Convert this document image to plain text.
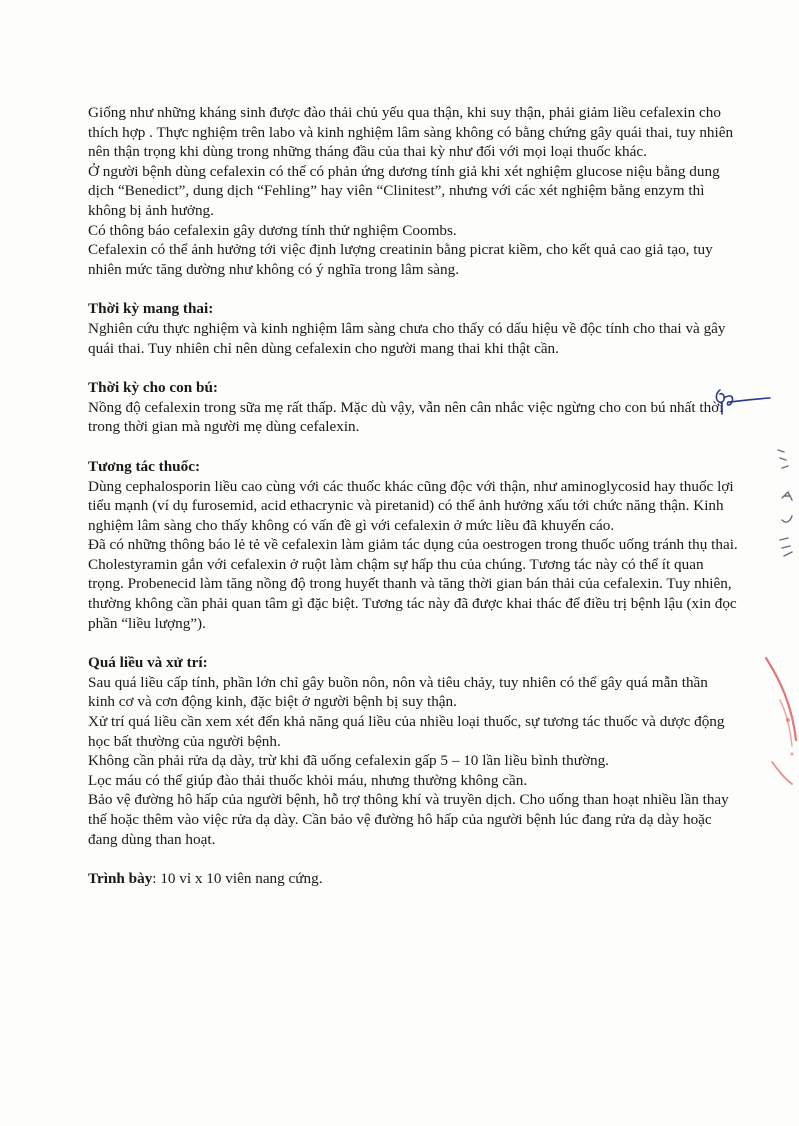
Giống như những kháng sinh được đào thải chủ yếu qua thận, khi suy thận, phải giảm liều cefalexin cho thích hợp . Thực nghiệm trên labo và kinh nghiệm lâm sàng không có bằng chứng gây quái thai, tuy nhiên nên thận trọng khi dùng trong những tháng đầu của thai kỳ như đối với mọi loại thuốc khác.

Ở người bệnh dùng cefalexin có thể có phản ứng dương tính giả khi xét nghiệm glucose niệu bằng dung dịch “Benedict”, dung dịch “Fehling” hay viên “Clinitest”, nhưng với các xét nghiệm bằng enzym thì không bị ảnh hưởng.

Có thông báo cefalexin gây dương tính thử nghiệm Coombs.

Cefalexin có thể ảnh hưởng tới việc định lượng creatinin bằng picrat kiềm, cho kết quả cao giả tạo, tuy nhiên mức tăng dường như không có ý nghĩa trong lâm sàng.

Thời kỳ mang thai:

Nghiên cứu thực nghiệm và kinh nghiệm lâm sàng chưa cho thấy có dấu hiệu về độc tính cho thai và gây quái thai. Tuy nhiên chỉ nên dùng cefalexin cho người mang thai khi thật cần.

Thời kỳ cho con bú:

Nồng độ cefalexin trong sữa mẹ rất thấp. Mặc dù vậy, vẫn nên cân nhắc việc ngừng cho con bú nhất thời trong thời gian mà người mẹ dùng cefalexin.

Tương tác thuốc:

Dùng cephalosporin liều cao cùng với các thuốc khác cũng độc với thận, như aminoglycosid hay thuốc lợi tiểu mạnh (ví dụ furosemid, acid ethacrynic và piretanid) có thể ảnh hưởng xấu tới chức năng thận. Kinh nghiệm lâm sàng cho thấy không có vấn đề gì với cefalexin ở mức liều đã khuyến cáo.

Đã có những thông báo lẻ tẻ về cefalexin làm giảm tác dụng của oestrogen trong thuốc uống tránh thụ thai.

Cholestyramin gắn với cefalexin ở ruột làm chậm sự hấp thu của chúng. Tương tác này có thể ít quan trọng. Probenecid làm tăng nồng độ trong huyết thanh và tăng thời gian bán thải của cefalexin. Tuy nhiên, thường không cần phải quan tâm gì đặc biệt. Tương tác này đã được khai thác để điều trị bệnh lậu (xin đọc phần “liều lượng”).

Quá liều và xử trí:

Sau quá liều cấp tính, phần lớn chỉ gây buồn nôn, nôn và tiêu chảy, tuy nhiên có thể gây quá mẫn thần kinh cơ và cơn động kinh, đặc biệt ở người bệnh bị suy thận.

Xử trí quá liều cần xem xét đến khả năng quá liều của nhiều loại thuốc, sự tương tác thuốc và dược động học bất thường của người bệnh.

Không cần phải rửa dạ dày, trừ khi đã uống cefalexin gấp 5 – 10 lần liều bình thường.

Lọc máu có thể giúp đào thải thuốc khỏi máu, nhưng thường không cần.

Bảo vệ đường hô hấp của người bệnh, hỗ trợ thông khí và truyền dịch. Cho uống than hoạt nhiều lần thay thế hoặc thêm vào việc rửa dạ dày. Cần bảo vệ đường hô hấp của người bệnh lúc đang rửa dạ dày hoặc đang dùng than hoạt.

Trình bày: 10 vỉ x 10 viên nang cứng.
